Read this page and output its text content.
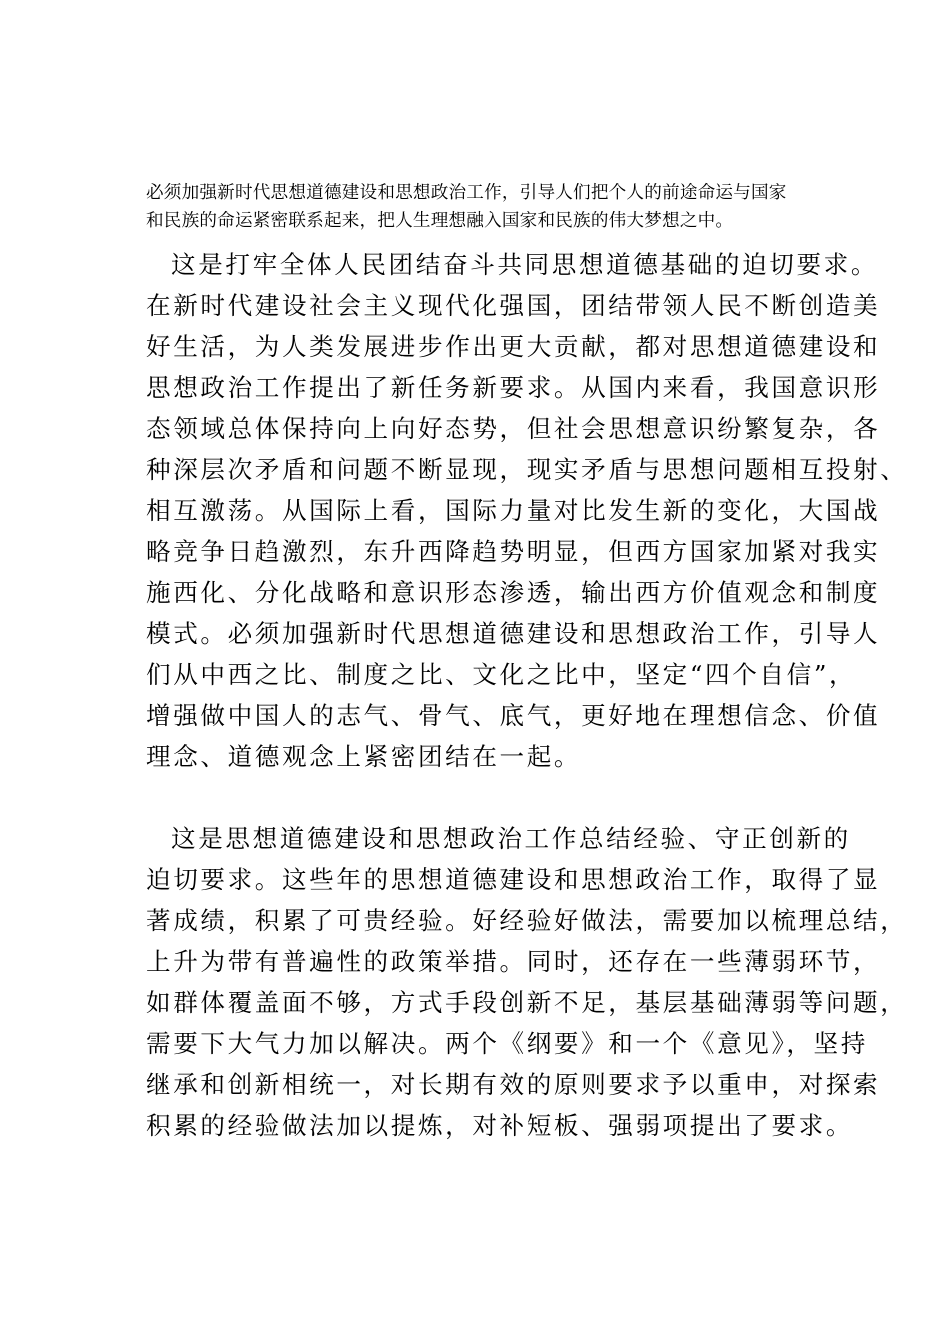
必须加强新时代思想道德建设和思想政治工作，引导人们把个人的前途命运与国家

和民族的命运紧密联系起来，把人生理想融入国家和民族的伟大梦想之中。

这是打牢全体人民团结奋斗共同思想道德基础的迫切要求。

在新时代建设社会主义现代化强国，团结带领人民不断创造美

好生活，为人类发展进步作出更大贡献，都对思想道德建设和

思想政治工作提出了新任务新要求。从国内来看，我国意识形

态领域总体保持向上向好态势，但社会思想意识纷繁复杂，各

种深层次矛盾和问题不断显现，现实矛盾与思想问题相互投射、

相互激荡。从国际上看，国际力量对比发生新的变化，大国战

略竞争日趋激烈，东升西降趋势明显，但西方国家加紧对我实

施西化、分化战略和意识形态渗透，输出西方价值观念和制度

模式。必须加强新时代思想道德建设和思想政治工作，引导人

们从中西之比、制度之比、文化之比中，坚定“四个自信”，

增强做中国人的志气、骨气、底气，更好地在理想信念、价值

理念、道德观念上紧密团结在一起。

这是思想道德建设和思想政治工作总结经验、守正创新的

迫切要求。这些年的思想道德建设和思想政治工作，取得了显

著成绩，积累了可贵经验。好经验好做法，需要加以梳理总结，

上升为带有普遍性的政策举措。同时，还存在一些薄弱环节，

如群体覆盖面不够，方式手段创新不足，基层基础薄弱等问题，

需要下大气力加以解决。两个《纲要》和一个《意见》，坚持

继承和创新相统一，对长期有效的原则要求予以重申，对探索

积累的经验做法加以提炼，对补短板、强弱项提出了要求。
